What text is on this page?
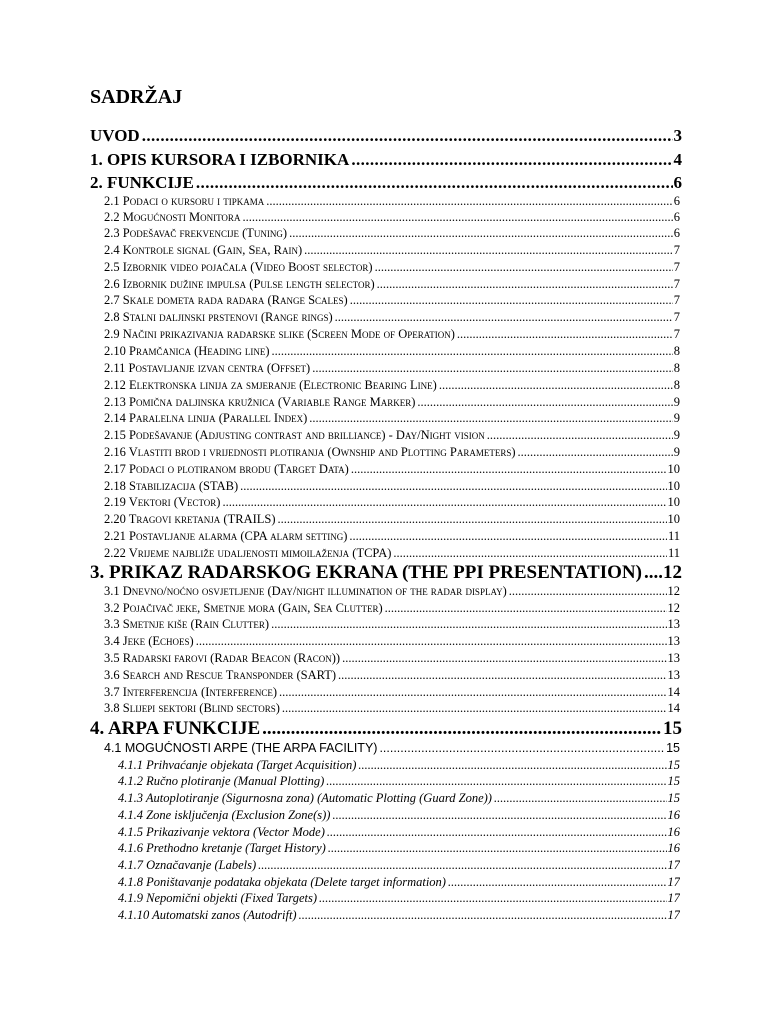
SADRŽAJ
UVOD .....	3
1. OPIS KURSORA I IZBORNIKA .....	4
2. FUNKCIJE .....	6
2.1 Podaci o kursoru i tipkama .....	6
2.2 Mogućnosti Monitora .....	6
2.3 Podešavač frekvencije (Tuning) .....	6
2.4 Kontrole signal (Gain, Sea, Rain) .....	7
2.5 Izbornik video pojačala (Video Boost selector) .....	7
2.6 Izbornik dužine impulsa (Pulse length selector) .....	7
2.7 Skale dometa rada radara (Range Scales) .....	7
2.8 Stalni daljinski prstenovi (Range rings) .....	7
2.9 Načini prikazivanja radarske slike (Screen Mode of Operation) .....	7
2.10 Pramčanica (Heading line) .....	8
2.11 Postavljanje izvan centra (Offset) .....	8
2.12 Elektronska linija za smjeranje (Electronic Bearing Line) .....	8
2.13 Pomična daljinska kružnica (Variable Range Marker) .....	9
2.14 Paralelna linija (Parallel Index) .....	9
2.15 Podešavanje (Adjusting contrast and brilliance) - Day/Night vision .....	9
2.16 Vlastiti brod i vrijednosti plotiranja (Ownship and Plotting Parameters) .....	9
2.17 Podaci o plotiranom brodu (Target Data) .....	10
2.18 Stabilizacija (STAB) .....	10
2.19 Vektori (Vector) .....	10
2.20 Tragovi kretanja (TRAILS) .....	10
2.21 Postavljanje alarma (CPA alarm setting) .....	11
2.22 Vrijeme najbliže udaljenosti mimoilaženja (TCPA) .....	11
3. PRIKAZ RADARSKOG EKRANA (THE PPI PRESENTATION) ..... 12
3.1 Dnevno/noćno osvjetljenje (Day/night illumination of the radar display) .....	12
3.2 Pojačivač jeke, Smetnje mora (Gain, Sea Clutter) .....	12
3.3 Smetnje kiše (Rain Clutter) .....	13
3.4 Jeke (Echoes) .....	13
3.5 Radarski farovi (Radar Beacon (Racon)) .....	13
3.6 Search and Rescue Transponder (SART) .....	13
3.7 Interferencija (Interference) .....	14
3.8 Slijepi sektori (Blind sectors) .....	14
4. ARPA FUNKCIJE .....	15
4.1 MOGUĆNOSTI ARPE (THE ARPA FACILITY) .....	15
4.1.1 Prihvaćanje objekata (Target Acquisition) .....	15
4.1.2 Ručno plotiranje (Manual Plotting) .....	15
4.1.3 Autoplotiranje (Sigurnosna zona) (Automatic Plotting (Guard Zone)) .....	15
4.1.4 Zone isključenja (Exclusion Zone(s)) .....	16
4.1.5 Prikazivanje vektora (Vector Mode) .....	16
4.1.6 Prethodno kretanje (Target History) .....	16
4.1.7 Označavanje (Labels) .....	17
4.1.8 Poništavanje podataka objekata (Delete target information) .....	17
4.1.9 Nepomični objekti (Fixed Targets) .....	17
4.1.10 Automatski zanos (Autodrift) .....	17
